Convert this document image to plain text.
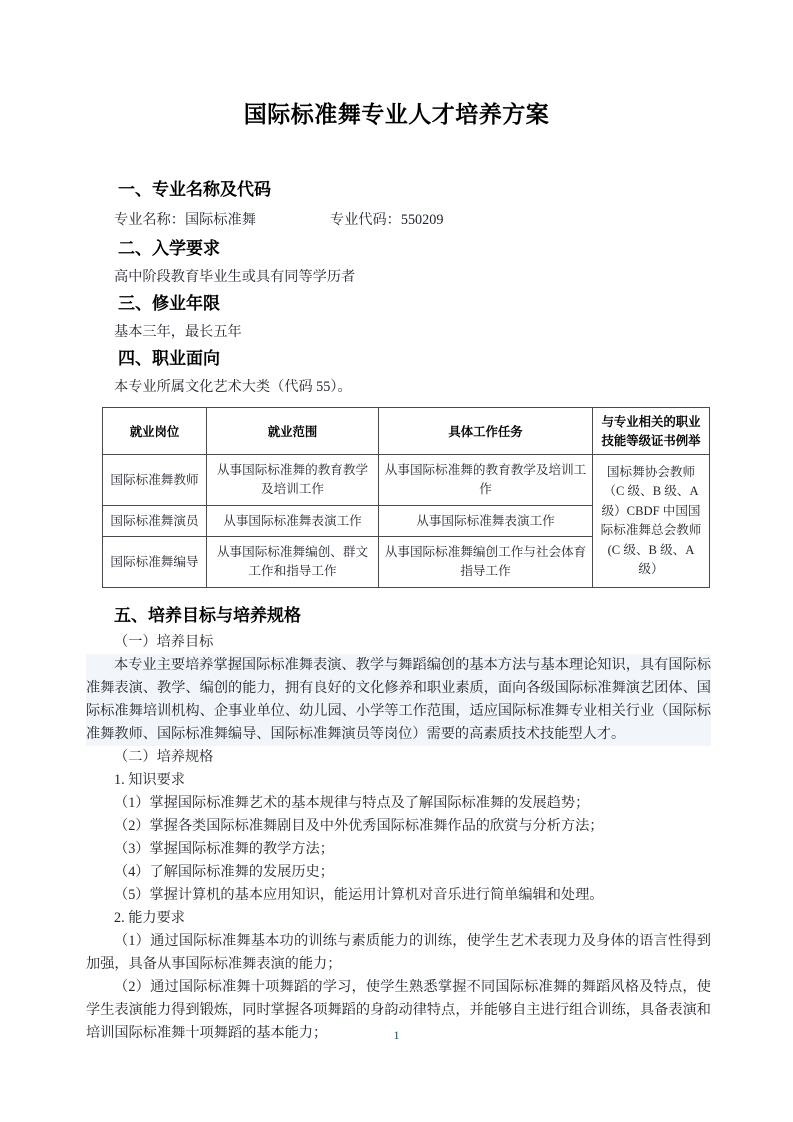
国际标准舞专业人才培养方案
一、专业名称及代码
专业名称：国际标准舞	专业代码：550209
二、入学要求
高中阶段教育毕业生或具有同等学历者
三、修业年限
基本三年，最长五年
四、职业面向
本专业所属文化艺术大类（代码 55）。
就业岗位	就业范围	具体工作任务	与专业相关的职业技能等级证书例举
国际标准舞教师	从事国际标准舞的教育教学及培训工作	从事国际标准舞的教育教学及培训工作	国标舞协会教师（C 级、B 级、A 级）CBDF 中国国际标准舞总会教师(C 级、B 级、A 级）
国际标准舞演员	从事国际标准舞表演工作	从事国际标准舞表演工作	
国际标准舞编导	从事国际标准舞编创、群文工作和指导工作	从事国际标准舞编创工作与社会体育指导工作	
五、培养目标与培养规格
（一）培养目标
本专业主要培养掌握国际标准舞表演、教学与舞蹈编创的基本方法与基本理论知识，具有国际标准舞表演、教学、编创的能力，拥有良好的文化修养和职业素质，面向各级国际标准舞演艺团体、国际标准舞培训机构、企事业单位、幼儿园、小学等工作范围，适应国际标准舞专业相关行业（国际标准舞教师、国际标准舞编导、国际标准舞演员等岗位）需要的高素质技术技能型人才。
（二）培养规格
1. 知识要求
（1）掌握国际标准舞艺术的基本规律与特点及了解国际标准舞的发展趋势；
（2）掌握各类国际标准舞剧目及中外优秀国际标准舞作品的欣赏与分析方法；
（3）掌握国际标准舞的教学方法；
（4）了解国际标准舞的发展历史；
（5）掌握计算机的基本应用知识，能运用计算机对音乐进行简单编辑和处理。
2. 能力要求
（1）通过国际标准舞基本功的训练与素质能力的训练，使学生艺术表现力及身体的语言性得到加强，具备从事国际标准舞表演的能力；
（2）通过国际标准舞十项舞蹈的学习，使学生熟悉掌握不同国际标准舞的舞蹈风格及特点，使学生表演能力得到锻炼，同时掌握各项舞蹈的身韵动律特点，并能够自主进行组合训练，具备表演和培训国际标准舞十项舞蹈的基本能力；	1
